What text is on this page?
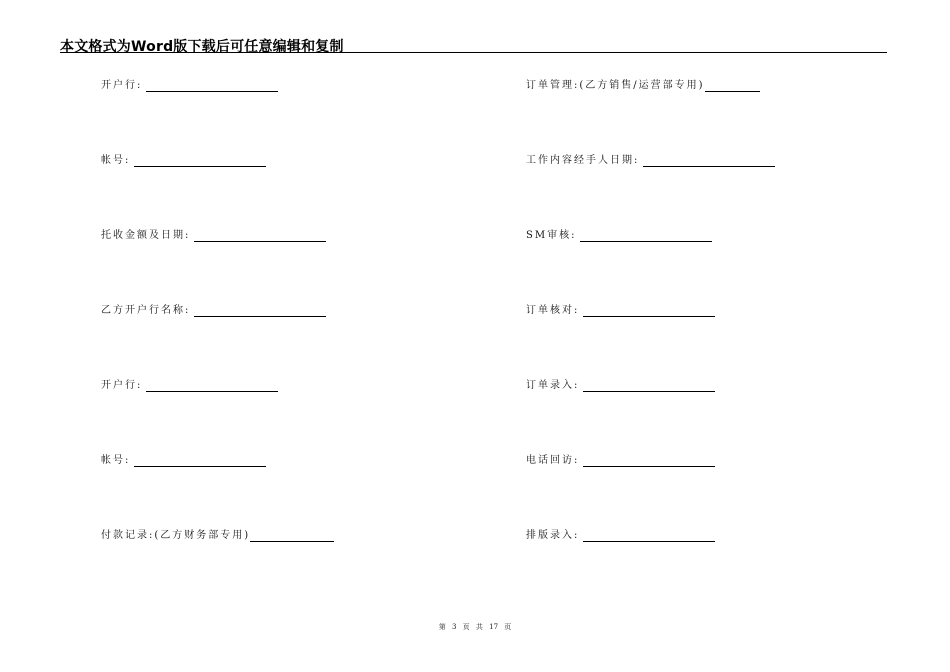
本文格式为Word版下载后可任意编辑和复制
开户行:
帐号:
托收金额及日期:
乙方开户行名称:
开户行:
帐号:
付款记录:(乙方财务部专用)
订单管理:(乙方销售/运营部专用)
工作内容经手人日期:
SM审核:
订单核对:
订单录入:
电话回访:
排版录入:
第 3 页 共 17 页
